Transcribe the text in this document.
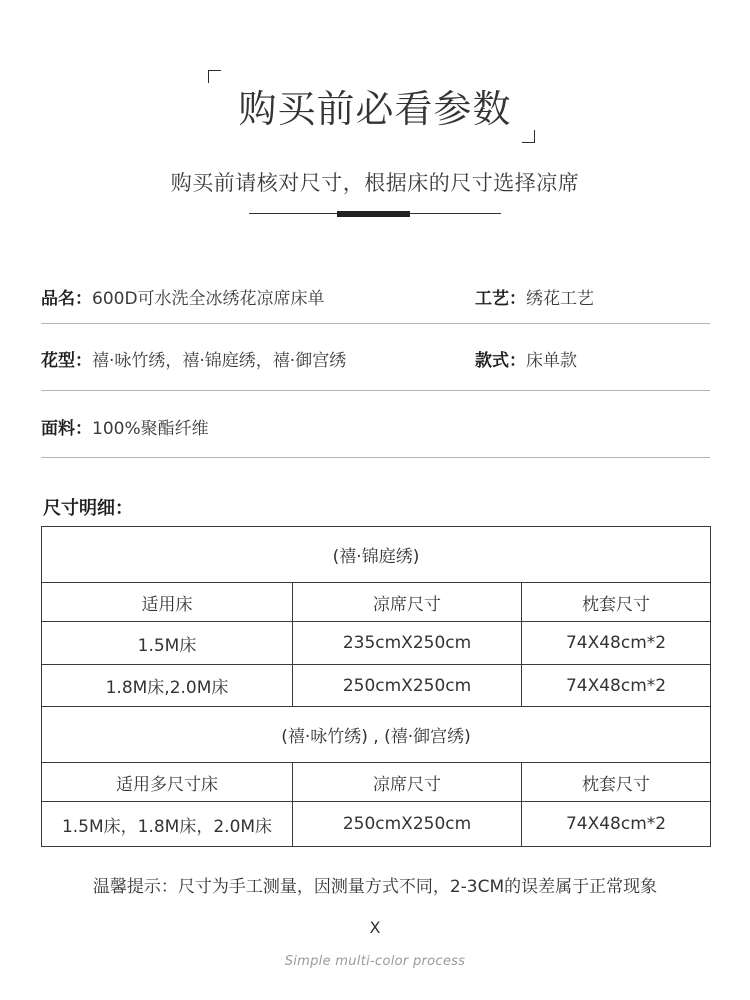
购买前必看参数
购买前请核对尺寸，根据床的尺寸选择凉席
品名：600D可水洗全冰绣花凉席床单	工艺：绣花工艺
花型：禧·咏竹绣，禧·锦庭绣，禧·御宫绣	款式：床单款
面料：100%聚酯纤维
尺寸明细：
(禧·锦庭绣)		
适用床	凉席尺寸	枕套尺寸
1.5M床	235cmX250cm	74X48cm*2
1.8M床,2.0M床	250cmX250cm	74X48cm*2
(禧·咏竹绣) , (禧·御宫绣)		
适用多尺寸床	凉席尺寸	枕套尺寸
1.5M床，1.8M床，2.0M床	250cmX250cm	74X48cm*2
温馨提示：尺寸为手工测量，因测量方式不同，2-3CM的误差属于正常现象
X
Simple multi-color process
